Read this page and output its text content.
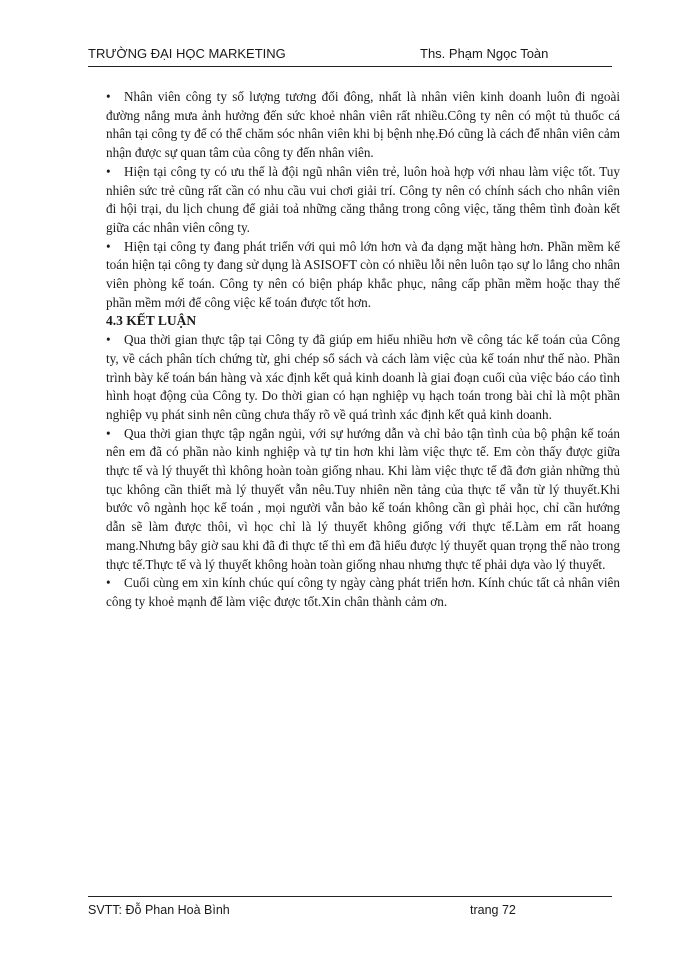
TRƯỜNG ĐẠI HỌC MARKETING	Ths. Phạm Ngọc Toàn

• Nhân viên công ty số lượng tương đối đông, nhất là nhân viên kinh doanh luôn đi ngoài đường nắng mưa ảnh hưởng đến sức khoẻ nhân viên rất nhiều.Công ty nên có một tủ thuốc cá nhân tại công ty để có thể chăm sóc nhân viên khi bị bệnh nhẹ.Đó cũng là cách để nhân viên cảm nhận được sự quan tâm của công ty đến nhân viên.

• Hiện tại công ty có ưu thế là đội ngũ nhân viên trẻ, luôn hoà hợp với nhau làm việc tốt. Tuy nhiên sức trẻ cũng rất cần có nhu cầu vui chơi giải trí. Công ty nên có chính sách cho nhân viên đi hội trại, du lịch chung để giải toả những căng thẳng trong công việc, tăng thêm tình đoàn kết giữa các nhân viên công ty.

• Hiện tại công ty đang phát triển với qui mô lớn hơn và đa dạng mặt hàng hơn. Phần mềm kế toán hiện tại công ty đang sử dụng là ASISOFT còn có nhiều lỗi nên luôn tạo sự lo lắng cho nhân viên phòng kế toán. Công ty nên có biện pháp khắc phục, nâng cấp phần mềm hoặc thay thế phần mềm mới để công việc kế toán được tốt hơn.

4.3 KẾT LUẬN

• Qua thời gian thực tập tại Công ty đã giúp em hiểu nhiều hơn về công tác kế toán của Công ty, về cách phân tích chứng từ, ghi chép sổ sách và cách làm việc của kế toán như thế nào. Phần trình bày kế toán bán hàng và xác định kết quả kinh doanh là giai đoạn cuối của việc báo cáo tình hình hoạt động của Công ty. Do thời gian có hạn nghiệp vụ hạch toán trong bài chỉ là một phần nghiệp vụ phát sinh nên cũng chưa thấy rõ về quá trình xác định kết quả kinh doanh.

• Qua thời gian thực tập ngắn ngủi, với sự hướng dẫn và chỉ bảo tận tình của bộ phận kế toán nên em đã có phần nào kinh nghiệp và tự tin hơn khi làm việc thực tế. Em còn thấy được giữa thực tế và lý thuyết thì không hoàn toàn giống nhau. Khi làm việc thực tế đã đơn giản những thủ tục không cần thiết mà lý thuyết vẫn nêu.Tuy nhiên nền tảng của thực tế vẫn từ lý thuyết.Khi bước vô ngành học kế toán , mọi người vẫn bảo kế toán không cần gì phải học, chỉ cần hướng dẫn sẽ làm được thôi, vì học chỉ là lý thuyết không giống với thực tế.Làm em rất hoang mang.Nhưng bây giờ sau khi đã đi thực tế thì em đã hiểu được lý thuyết quan trọng thế nào trong thực tế.Thực tế và lý thuyết không hoàn toàn giống nhau nhưng thực tế phải dựa vào lý thuyết.

• Cuối cùng em xin kính chúc quí công ty ngày càng phát triển hơn. Kính chúc tất cả nhân viên công ty khoẻ mạnh để làm việc được tốt.Xin chân thành cảm ơn.

SVTT: Đỗ Phan Hoà Bình	trang 72
